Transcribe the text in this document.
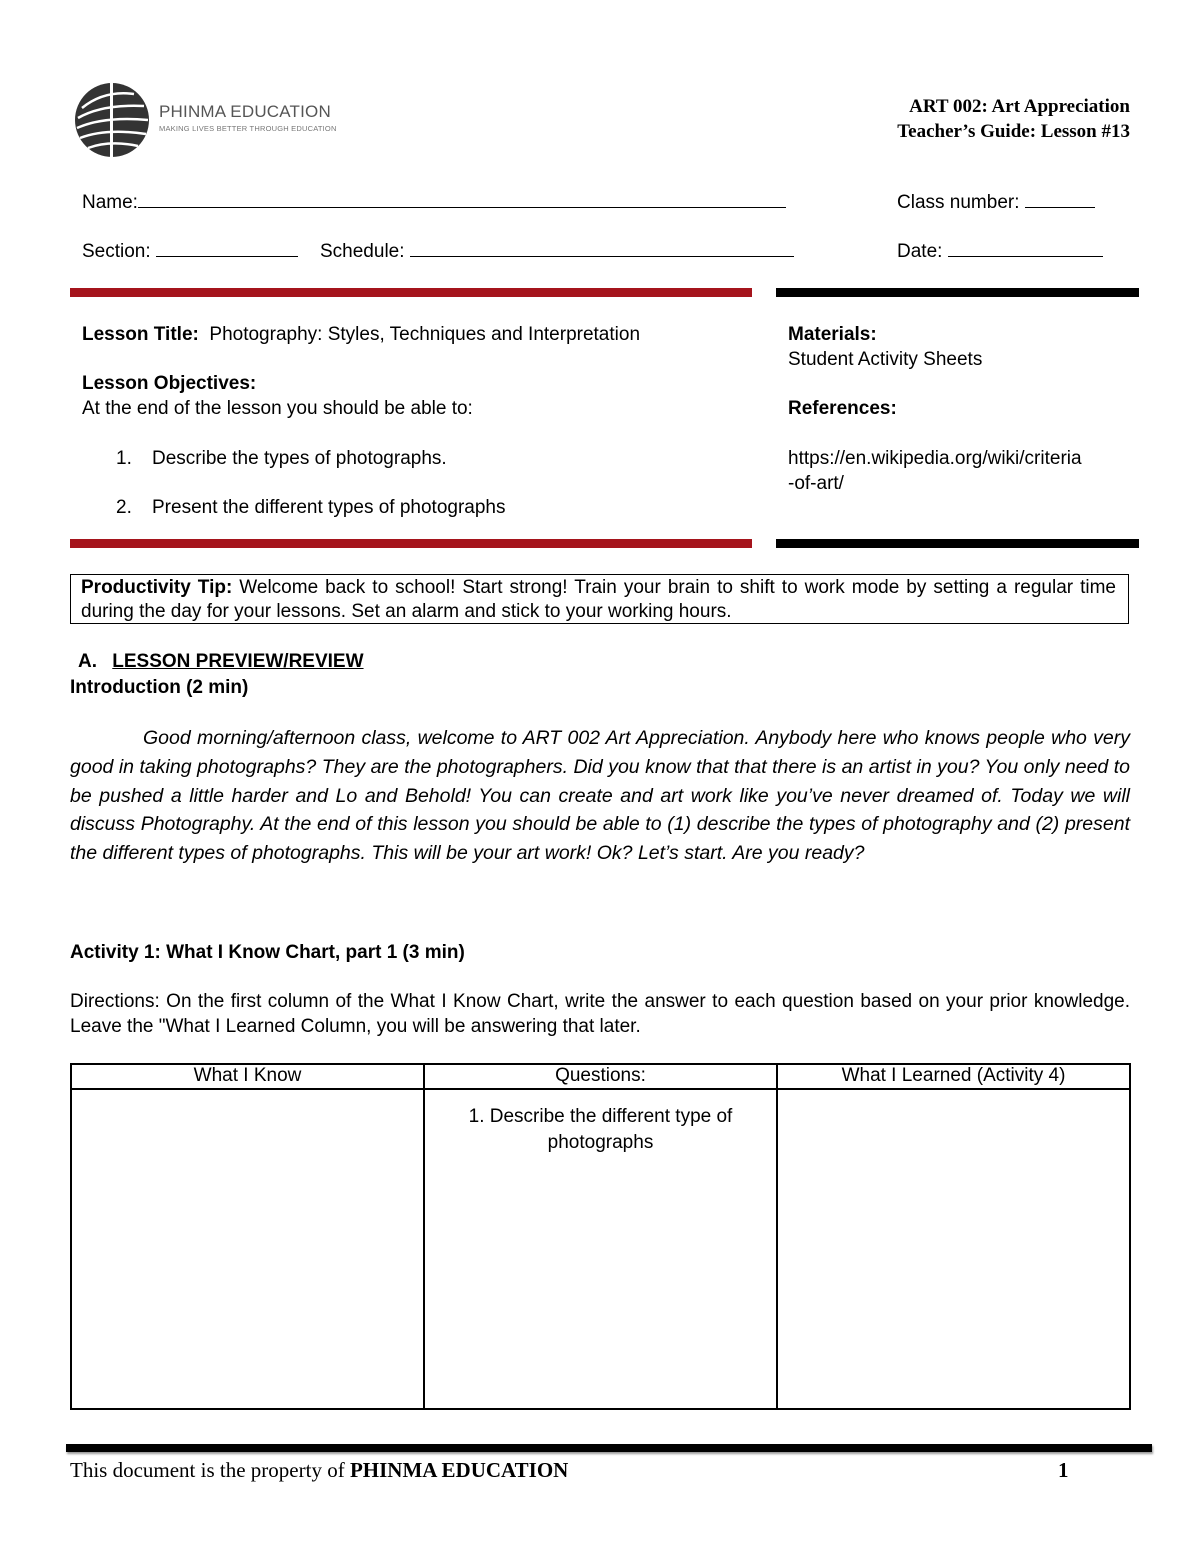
PHINMA EDUCATION
MAKING LIVES BETTER THROUGH EDUCATION
ART 002: Art Appreciation
Teacher’s Guide: Lesson #13
Name:	Class number:
Section:	Schedule:	Date:
Lesson Title: Photography: Styles, Techniques and Interpretation
Lesson Objectives:
At the end of the lesson you should be able to:
1. Describe the types of photographs.
2. Present the different types of photographs
Materials:
Student Activity Sheets
References:
https://en.wikipedia.org/wiki/criteria
-of-art/
Productivity Tip: Welcome back to school! Start strong! Train your brain to shift to work mode by setting a regular time during the day for your lessons. Set an alarm and stick to your working hours.
A. LESSON PREVIEW/REVIEW
Introduction (2 min)
Good morning/afternoon class, welcome to ART 002 Art Appreciation. Anybody here who knows people who very good in taking photographs? They are the photographers. Did you know that that there is an artist in you? You only need to be pushed a little harder and Lo and Behold! You can create and art work like you’ve never dreamed of. Today we will discuss Photography. At the end of this lesson you should be able to (1) describe the types of photography and (2) present the different types of photographs. This will be your art work! Ok? Let’s start. Are you ready?
Activity 1: What I Know Chart, part 1 (3 min)
Directions: On the first column of the What I Know Chart, write the answer to each question based on your prior knowledge. Leave the "What I Learned Column, you will be answering that later.
What I Know	Questions:	What I Learned (Activity 4)

	1. Describe the different type of photographs	

This document is the property of PHINMA EDUCATION	1
